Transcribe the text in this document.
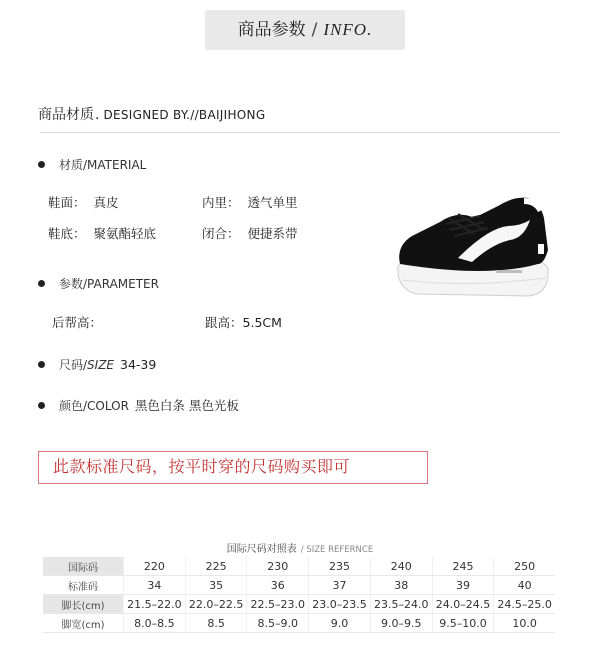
商品参数 / INFO.
商品材质. DESIGNED BY.//BAIJIHONG
材质/MATERIAL
鞋面： 真皮	内里： 透气单里
鞋底： 聚氨酯轻底	闭合： 便捷系带
参数/PARAMETER
后帮高：	跟高：5.5CM
尺码/SIZE 34-39
颜色/COLOR 黑色白条 黑色光板
此款标准尺码，按平时穿的尺码购买即可
国际尺码对照表 / SIZE REFERNCE
国际码	220	225	230	235	240	245	250
标准码	34	35	36	37	38	39	40
脚长(cm)	21.5–22.0	22.0–22.5	22.5–23.0	23.0–23.5	23.5–24.0	24.0–24.5	24.5–25.0
脚宽(cm)	8.0–8.5	8.5	8.5–9.0	9.0	9.0–9.5	9.5–10.0	10.0
